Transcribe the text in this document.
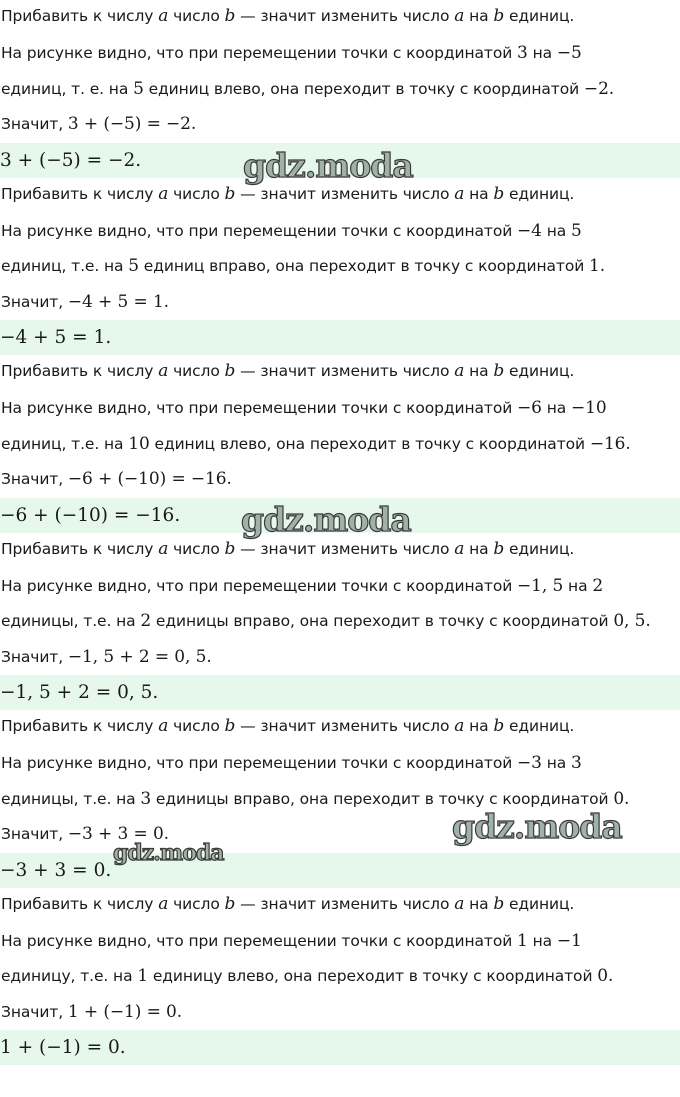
Прибавить к числу a число b — значит изменить число a на b единиц.
На рисунке видно, что при перемещении точки с координатой 3 на −5
единиц, т. е. на 5 единиц влево, она переходит в точку с координатой −2.
Значит, 3 + (−5) = −2.
3 + (−5) = −2.
Прибавить к числу a число b — значит изменить число a на b единиц.
На рисунке видно, что при перемещении точки с координатой −4 на 5
единиц, т.е. на 5 единиц вправо, она переходит в точку с координатой 1.
Значит, −4 + 5 = 1.
−4 + 5 = 1.
Прибавить к числу a число b — значит изменить число a на b единиц.
На рисунке видно, что при перемещении точки с координатой −6 на −10
единиц, т.е. на 10 единиц влево, она переходит в точку с координатой −16.
Значит, −6 + (−10) = −16.
−6 + (−10) = −16.
Прибавить к числу a число b — значит изменить число a на b единиц.
На рисунке видно, что при перемещении точки с координатой −1, 5 на 2
единицы, т.е. на 2 единицы вправо, она переходит в точку с координатой 0, 5.
Значит, −1, 5 + 2 = 0, 5.
−1, 5 + 2 = 0, 5.
Прибавить к числу a число b — значит изменить число a на b единиц.
На рисунке видно, что при перемещении точки с координатой −3 на 3
единицы, т.е. на 3 единицы вправо, она переходит в точку с координатой 0.
Значит, −3 + 3 = 0.
−3 + 3 = 0.
Прибавить к числу a число b — значит изменить число a на b единиц.
На рисунке видно, что при перемещении точки с координатой 1 на −1
единицу, т.е. на 1 единицу влево, она переходит в точку с координатой 0.
Значит, 1 + (−1) = 0.
1 + (−1) = 0.
gdz.moda
gdz.moda
gdz.moda
gdz.moda
